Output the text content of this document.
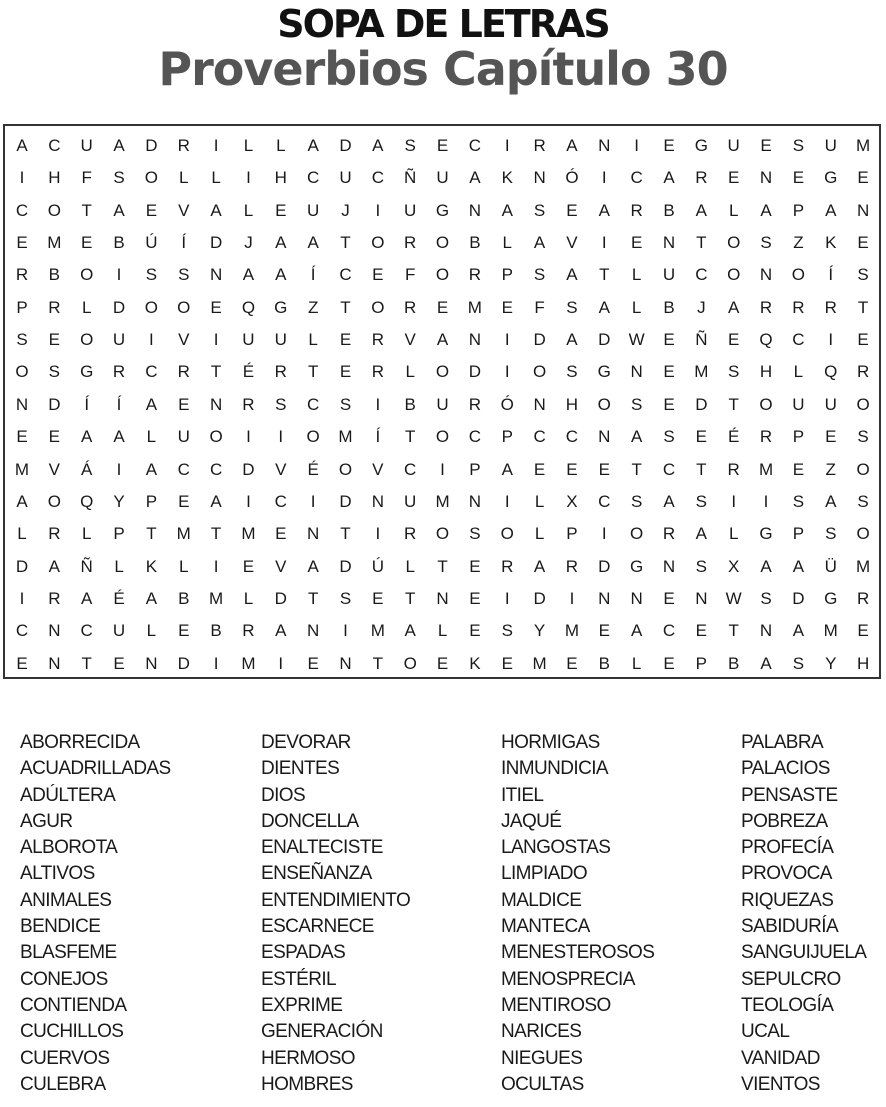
SOPA DE LETRAS
Proverbios Capítulo 30
A	C	U	A	D	R	I	L	L	A	D	A	S	E	C	I	R	A	N	I	E	G	U	E	S	U	M
I	H	F	S	O	L	L	I	H	C	U	C	Ñ	U	A	K	N	Ó	I	C	A	R	E	N	E	G	E
C	O	T	A	E	V	A	L	E	U	J	I	U	G	N	A	S	E	A	R	B	A	L	A	P	A	N
E	M	E	B	Ú	Í	D	J	A	A	T	O	R	O	B	L	A	V	I	E	N	T	O	S	Z	K	E
R	B	O	I	S	S	N	A	A	Í	C	E	F	O	R	P	S	A	T	L	U	C	O	N	O	Í	S
P	R	L	D	O	O	E	Q	G	Z	T	O	R	E	M	E	F	S	A	L	B	J	A	R	R	R	T
S	E	O	U	I	V	I	U	U	L	E	R	V	A	N	I	D	A	D	W	E	Ñ	E	Q	C	I	E
O	S	G	R	C	R	T	É	R	T	E	R	L	O	D	I	O	S	G	N	E	M	S	H	L	Q	R
N	D	Í	Í	A	E	N	R	S	C	S	I	B	U	R	Ó	N	H	O	S	E	D	T	O	U	U	O
E	E	A	A	L	U	O	I	I	O	M	Í	T	O	C	P	C	C	N	A	S	E	É	R	P	E	S
M	V	Á	I	A	C	C	D	V	É	O	V	C	I	P	A	E	E	E	T	C	T	R	M	E	Z	O
A	O	Q	Y	P	E	A	I	C	I	D	N	U	M	N	I	L	X	C	S	A	S	I	I	S	A	S
L	R	L	P	T	M	T	M	E	N	T	I	R	O	S	O	L	P	I	O	R	A	L	G	P	S	O
D	A	Ñ	L	K	L	I	E	V	A	D	Ú	L	T	E	R	A	R	D	G	N	S	X	A	A	Ü	M
I	R	A	É	A	B	M	L	D	T	S	E	T	N	E	I	D	I	N	N	E	N	W	S	D	G	R
C	N	C	U	L	E	B	R	A	N	I	M	A	L	E	S	Y	M	E	A	C	E	T	N	A	M	E
E	N	T	E	N	D	I	M	I	E	N	T	O	E	K	E	M	E	B	L	E	P	B	A	S	Y	H
ABORRECIDA
ACUADRILLADAS
ADÚLTERA
AGUR
ALBOROTA
ALTIVOS
ANIMALES
BENDICE
BLASFEME
CONEJOS
CONTIENDA
CUCHILLOS
CUERVOS
CULEBRA
DEVORAR
DIENTES
DIOS
DONCELLA
ENALTECISTE
ENSEÑANZA
ENTENDIMIENTO
ESCARNECE
ESPADAS
ESTÉRIL
EXPRIME
GENERACIÓN
HERMOSO
HOMBRES
HORMIGAS
INMUNDICIA
ITIEL
JAQUÉ
LANGOSTAS
LIMPIADO
MALDICE
MANTECA
MENESTEROSOS
MENOSPRECIA
MENTIROSO
NARICES
NIEGUES
OCULTAS
PALABRA
PALACIOS
PENSASTE
POBREZA
PROFECÍA
PROVOCA
RIQUEZAS
SABIDURÍA
SANGUIJUELA
SEPULCRO
TEOLOGÍA
UCAL
VANIDAD
VIENTOS
